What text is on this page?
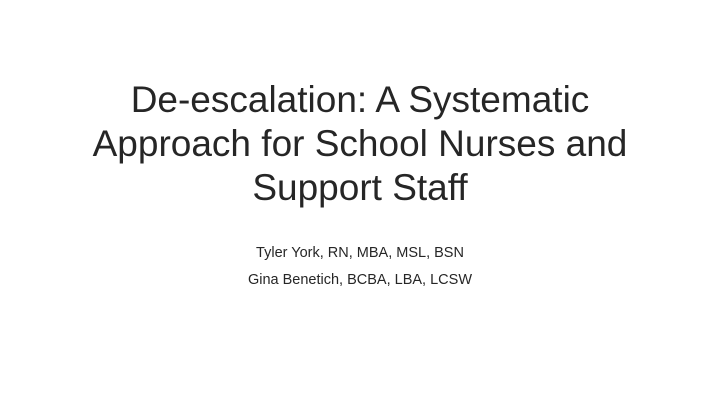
De-escalation: A Systematic
Approach for School Nurses and
Support Staff
Tyler York, RN, MBA, MSL, BSN
Gina Benetich, BCBA, LBA, LCSW
